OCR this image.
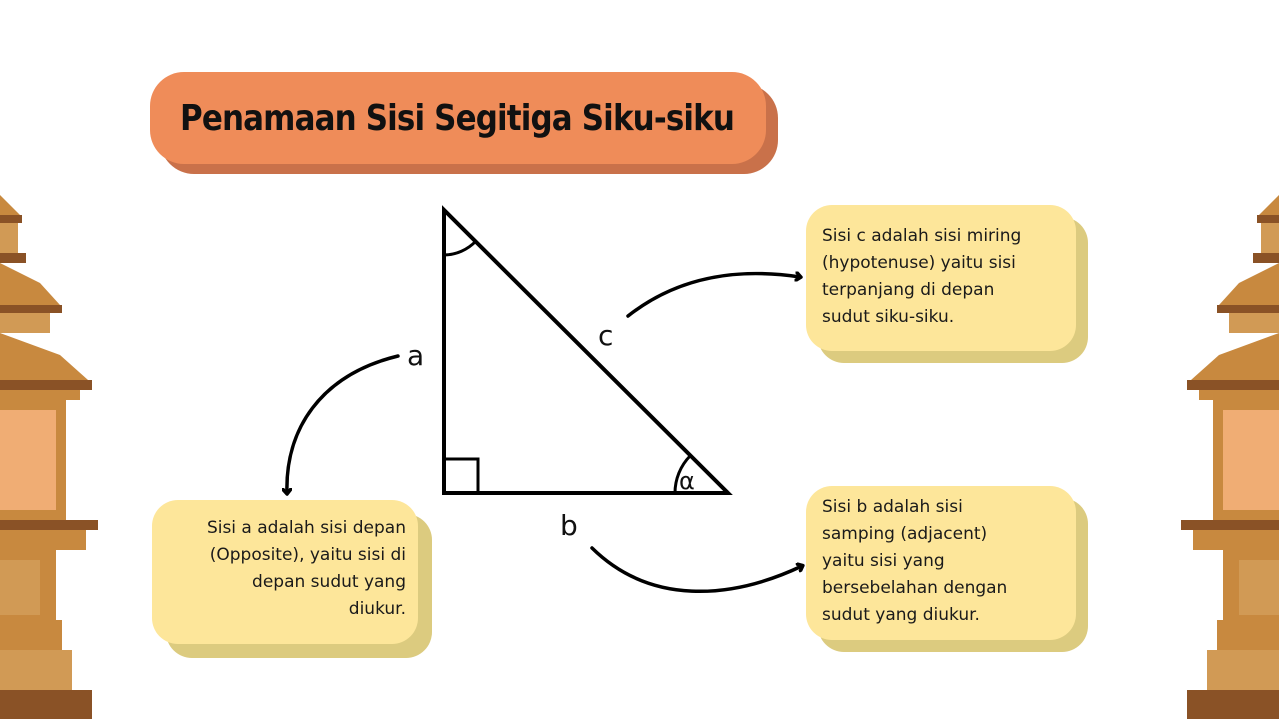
Penamaan Sisi Segitiga Siku-siku
α
a
b
c
Sisi a adalah sisi depan
(Opposite), yaitu sisi di
depan sudut yang
diukur.
Sisi c adalah sisi miring
(hypotenuse) yaitu sisi
terpanjang di depan
sudut siku-siku.
Sisi b adalah sisi
samping (adjacent)
yaitu sisi yang
bersebelahan dengan
sudut yang diukur.
